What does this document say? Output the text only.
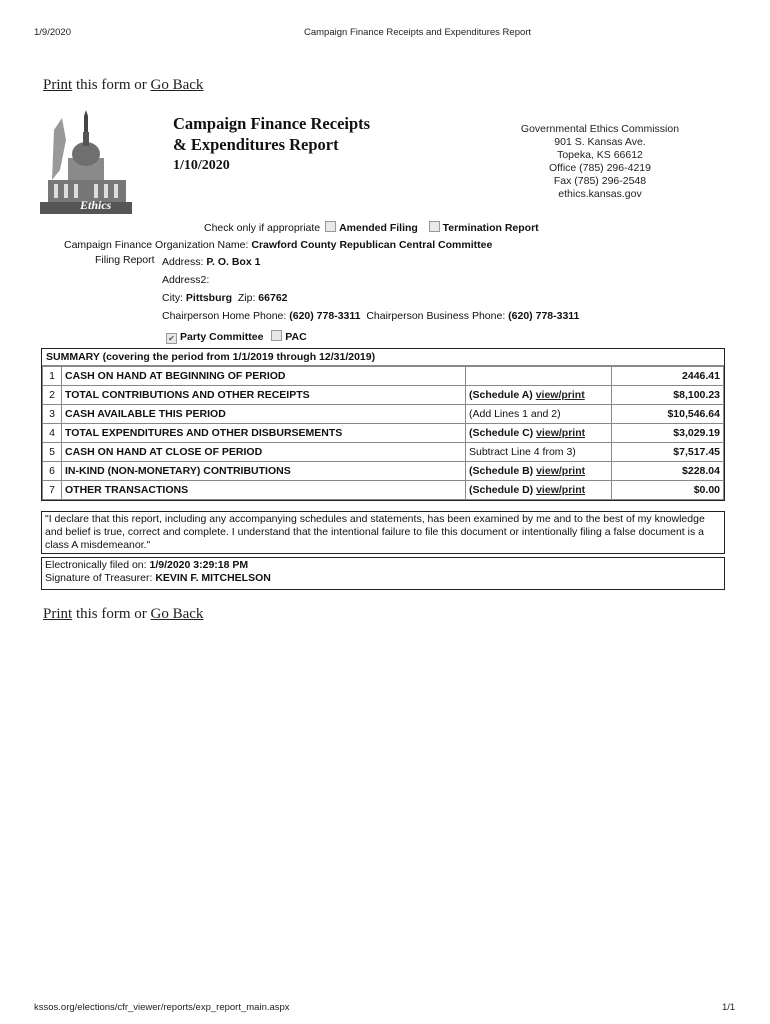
1/9/2020	Campaign Finance Receipts and Expenditures Report
Print this form or Go Back
Ethics
Campaign Finance Receipts
& Expenditures Report
1/10/2020
Governmental Ethics Commission
901 S. Kansas Ave.
Topeka, KS 66612
Office (785) 296-4219
Fax (785) 296-2548
ethics.kansas.gov
Check only if appropriate Amended Filing Termination Report
Campaign Finance Organization Name: Crawford County Republican Central Committee
Filing Report Address: P. O. Box 1
Address2:
City: Pittsburg Zip: 66762
Chairperson Home Phone: (620) 778-3311 Chairperson Business Phone: (620) 778-3311
✔ Party Committee PAC
SUMMARY (covering the period from 1/1/2019 through 12/31/2019)
1	CASH ON HAND AT BEGINNING OF PERIOD		2446.41
2	TOTAL CONTRIBUTIONS AND OTHER RECEIPTS	(Schedule A) view/print	$8,100.23
3	CASH AVAILABLE THIS PERIOD	(Add Lines 1 and 2)	$10,546.64
4	TOTAL EXPENDITURES AND OTHER DISBURSEMENTS	(Schedule C) view/print	$3,029.19
5	CASH ON HAND AT CLOSE OF PERIOD	Subtract Line 4 from 3)	$7,517.45
6	IN-KIND (NON-MONETARY) CONTRIBUTIONS	(Schedule B) view/print	$228.04
7	OTHER TRANSACTIONS	(Schedule D) view/print	$0.00
"I declare that this report, including any accompanying schedules and statements, has been examined by me and to the best of my knowledge and belief is true, correct and complete. I understand that the intentional failure to file this document or intentionally filing a false document is a class A misdemeanor."
Electronically filed on: 1/9/2020 3:29:18 PM
Signature of Treasurer: KEVIN F. MITCHELSON
Print this form or Go Back
kssos.org/elections/cfr_viewer/reports/exp_report_main.aspx	1/1
